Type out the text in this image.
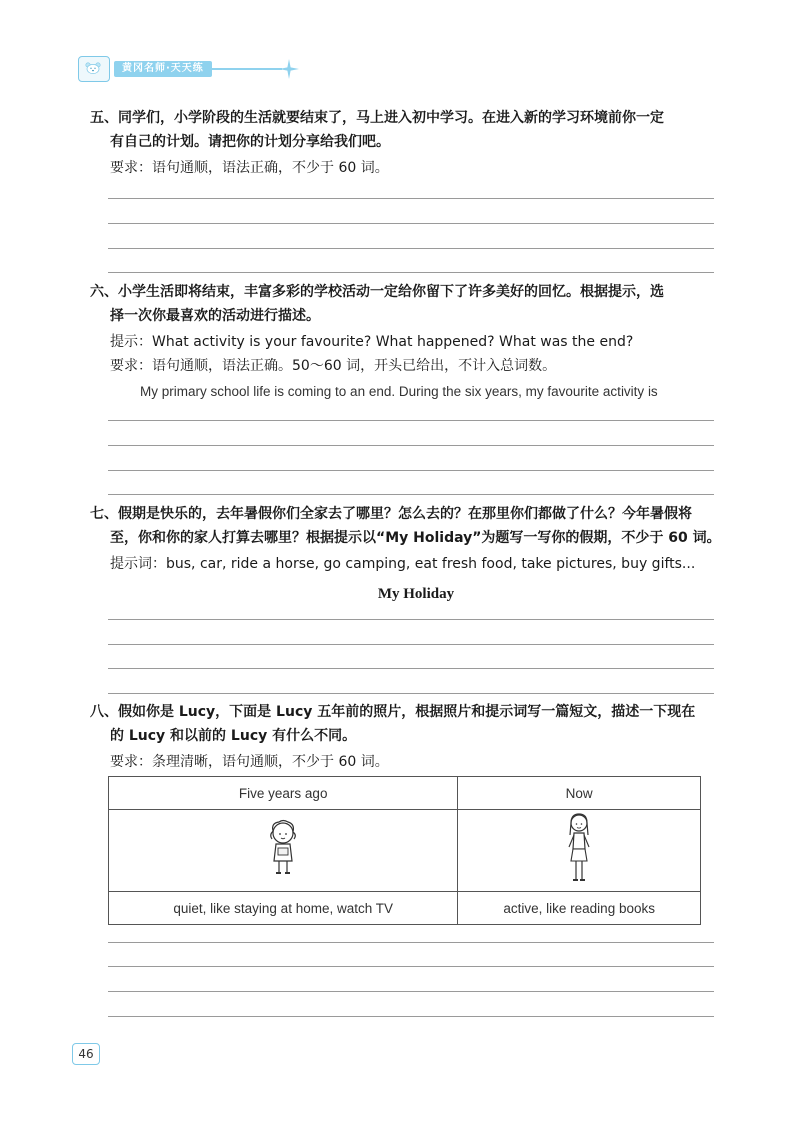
黄冈名师·天天练

五、同学们，小学阶段的生活就要结束了，马上进入初中学习。在进入新的学习环境前你一定

有自己的计划。请把你的计划分享给我们吧。

要求：语句通顺，语法正确，不少于 60 词。

六、小学生活即将结束，丰富多彩的学校活动一定给你留下了许多美好的回忆。根据提示，选

择一次你最喜欢的活动进行描述。

提示：What activity is your favourite? What happened? What was the end?

要求：语句通顺，语法正确。50～60 词，开头已给出，不计入总词数。

My primary school life is coming to an end. During the six years, my favourite activity is

七、假期是快乐的，去年暑假你们全家去了哪里？怎么去的？在那里你们都做了什么？今年暑假将

至，你和你的家人打算去哪里？根据提示以“My Holiday”为题写一写你的假期，不少于 60 词。

提示词：bus, car, ride a horse, go camping, eat fresh food, take pictures, buy gifts...

My Holiday

八、假如你是 Lucy，下面是 Lucy 五年前的照片，根据照片和提示词写一篇短文，描述一下现在

的 Lucy 和以前的 Lucy 有什么不同。

要求：条理清晰，语句通顺，不少于 60 词。

Five years ago	Now

quiet, like staying at home, watch TV	active, like reading books
46
